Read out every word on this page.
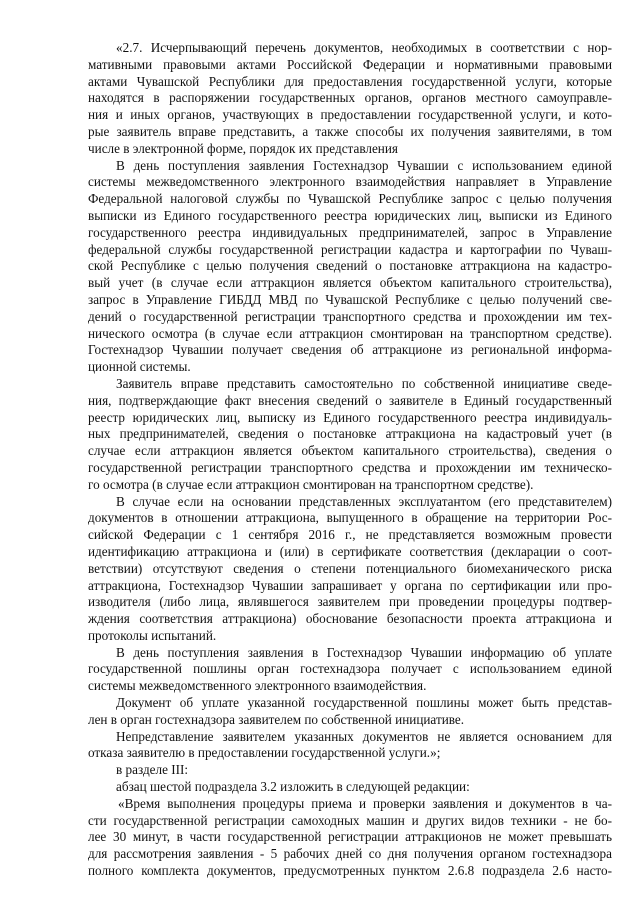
«2.7. Исчерпывающий перечень документов, необходимых в соответствии с нор-
мативными правовыми актами Российской Федерации и нормативными правовыми
актами Чувашской Республики для предоставления государственной услуги, которые
находятся в распоряжении государственных органов, органов местного самоуправле-
ния и иных органов, участвующих в предоставлении государственной услуги, и кото-
рые заявитель вправе представить, а также способы их получения заявителями, в том
числе в электронной форме, порядок их представления
В день поступления заявления Гостехнадзор Чувашии с использованием единой
системы межведомственного электронного взаимодействия направляет в Управление
Федеральной налоговой службы по Чувашской Республике запрос с целью получения
выписки из Единого государственного реестра юридических лиц, выписки из Единого
государственного реестра индивидуальных предпринимателей, запрос в Управление
федеральной службы государственной регистрации кадастра и картографии по Чуваш-
ской Республике с целью получения сведений о постановке аттракциона на кадастро-
вый учет (в случае если аттракцион является объектом капитального строительства),
запрос в Управление ГИБДД МВД по Чувашской Республике с целью получений све-
дений о государственной регистрации транспортного средства и прохождении им тех-
нического осмотра (в случае если аттракцион смонтирован на транспортном средстве).
Гостехнадзор Чувашии получает сведения об аттракционе из региональной информа-
ционной системы.
Заявитель вправе представить самостоятельно по собственной инициативе сведе-
ния, подтверждающие факт внесения сведений о заявителе в Единый государственный
реестр юридических лиц, выписку из Единого государственного реестра индивидуаль-
ных предпринимателей, сведения о постановке аттракциона на кадастровый учет (в
случае если аттракцион является объектом капитального строительства), сведения о
государственной регистрации транспортного средства и прохождении им техническо-
го осмотра (в случае если аттракцион смонтирован на транспортном средстве).
В случае если на основании представленных эксплуатантом (его представителем)
документов в отношении аттракциона, выпущенного в обращение на территории Рос-
сийской Федерации с 1 сентября 2016 г., не представляется возможным провести
идентификацию аттракциона и (или) в сертификате соответствия (декларации о соот-
ветствии) отсутствуют сведения о степени потенциального биомеханического риска
аттракциона, Гостехнадзор Чувашии запрашивает у органа по сертификации или про-
изводителя (либо лица, являвшегося заявителем при проведении процедуры подтвер-
ждения соответствия аттракциона) обоснование безопасности проекта аттракциона и
протоколы испытаний.
В день поступления заявления в Гостехнадзор Чувашии информацию об уплате
государственной пошлины орган гостехнадзора получает с использованием единой
системы межведомственного электронного взаимодействия.
Документ об уплате указанной государственной пошлины может быть представ-
лен в орган гостехнадзора заявителем по собственной инициативе.
Непредставление заявителем указанных документов не является основанием для
отказа заявителю в предоставлении государственной услуги.»;
в разделе III:
абзац шестой подраздела 3.2 изложить в следующей редакции:
«Время выполнения процедуры приема и проверки заявления и документов в ча-
сти государственной регистрации самоходных машин и других видов техники - не бо-
лее 30 минут, в части государственной регистрации аттракционов не может превышать
для рассмотрения заявления - 5 рабочих дней со дня получения органом гостехнадзора
полного комплекта документов, предусмотренных пунктом 2.6.8 подраздела 2.6 насто-
